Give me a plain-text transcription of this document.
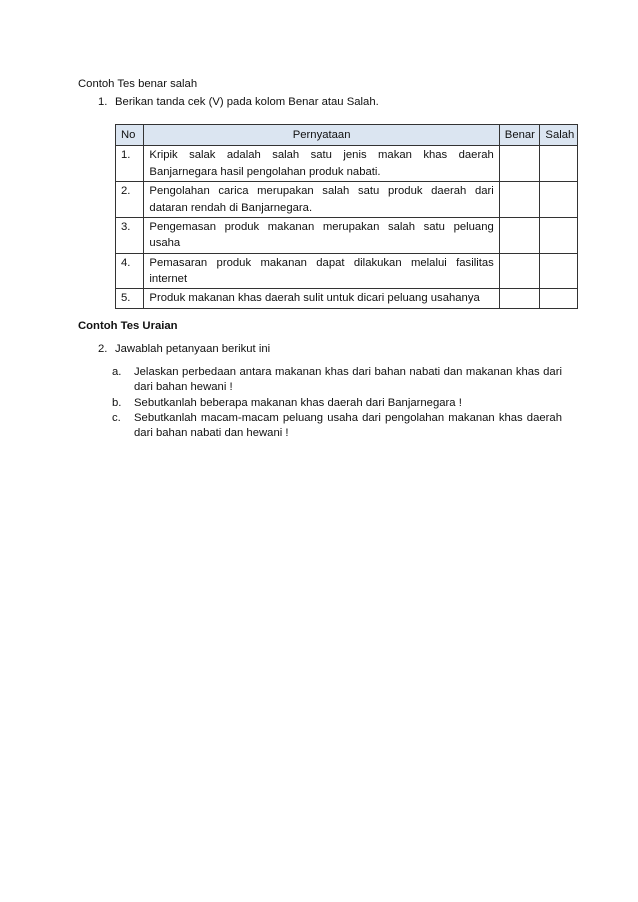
Contoh Tes benar salah
1. Berikan tanda cek (V) pada kolom Benar atau Salah.
No	Pernyataan	Benar	Salah
1.	Kripik salak adalah salah satu jenis makan khas daerah Banjarnegara hasil pengolahan produk nabati.		
2.	Pengolahan carica merupakan salah satu produk daerah dari dataran rendah di Banjarnegara.		
3.	Pengemasan produk makanan merupakan salah satu peluang usaha		
4.	Pemasaran produk makanan dapat dilakukan melalui fasilitas internet		
5.	Produk makanan khas daerah sulit untuk dicari peluang usahanya		
Contoh Tes Uraian
2. Jawablah petanyaan berikut ini
a.	Jelaskan perbedaan antara makanan khas dari bahan nabati dan makanan khas dari dari bahan hewani !
b.	Sebutkanlah beberapa makanan khas daerah dari Banjarnegara !
c.	Sebutkanlah macam-macam peluang usaha dari pengolahan makanan khas daerah dari bahan nabati dan hewani !
